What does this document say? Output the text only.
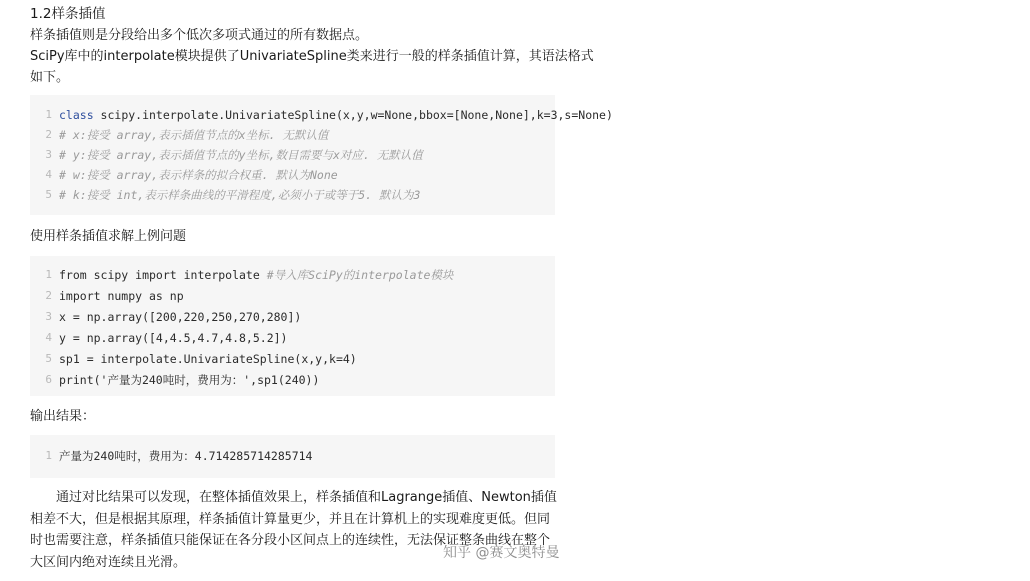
1.2样条插值
样条插值则是分段给出多个低次多项式通过的所有数据点。
SciPy库中的interpolate模块提供了UnivariateSpline类来进行一般的样条插值计算，其语法格式
如下。
1 class scipy.interpolate.UnivariateSpline(x,y,w=None,bbox=[None,None],k=3,s=None)
2 # x:接受 array,表示插值节点的x坐标. 无默认值
3 # y:接受 array,表示插值节点的y坐标,数目需要与x对应. 无默认值
4 # w:接受 array,表示样条的拟合权重. 默认为None
5 # k:接受 int,表示样条曲线的平滑程度,必须小于或等于5. 默认为3
使用样条插值求解上例问题
1 from scipy import interpolate #导入库SciPy的interpolate模块
2 import numpy as np
3 x = np.array([200,220,250,270,280])
4 y = np.array([4,4.5,4.7,4.8,5.2])
5 sp1 = interpolate.UnivariateSpline(x,y,k=4)
6 print('产量为240吨时，费用为：',sp1(240))
输出结果：
1 产量为240吨时，费用为：4.714285714285714
通过对比结果可以发现，在整体插值效果上，样条插值和Lagrange插值、Newton插值相差不大，但是根据其原理，样条插值计算量更少，并且在计算机上的实现难度更低。但同时也需要注意，样条插值只能保证在各分段小区间点上的连续性，无法保证整条曲线在整个大区间内绝对连续且光滑。
知乎 @赛文奥特曼
